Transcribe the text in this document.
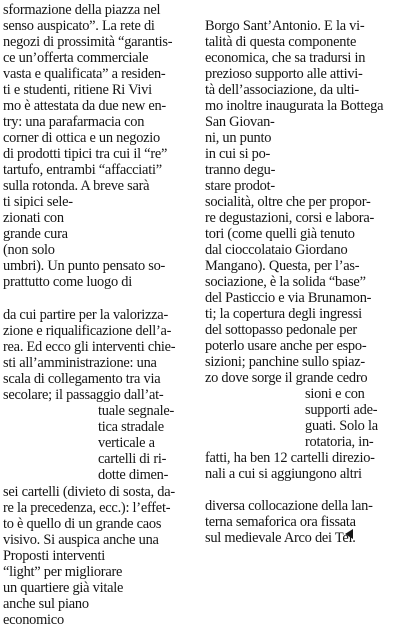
sformazione della piazza nel

senso auspicato”. La rete di

negozi di prossimità “garantis-

ce un’offerta commerciale

vasta e qualificata” a residen-

ti e studenti, ritiene Ri Vivi

mo è attestata da due new en-

try: una parafarmacia con

corner di ottica e un negozio

di prodotti tipici tra cui il “re”

tartufo, entrambi “affacciati”

sulla rotonda. A breve sarà

ti sipici sele-

zionati con

grande cura

(non solo

umbri). Un punto pensato so-

prattutto come luogo di

da cui partire per la valorizza-

zione e riqualificazione dell’a-

rea. Ed ecco gli interventi chie-

sti all’amministrazione: una

scala di collegamento tra via

secolare; il passaggio dall’at-

tuale segnale-

tica stradale

verticale a

cartelli di ri-

dotte dimen-

sei cartelli (divieto di sosta, da-

re la precedenza, ecc.): l’effet-

to è quello di un grande caos

visivo. Si auspica anche una

Proposti interventi

“light” per migliorare

un quartiere già vitale

anche sul piano

economico

Borgo Sant’Antonio. E la vi-

talità di questa componente

economica, che sa tradursi in

prezioso supporto alle attivi-

tà dell’associazione, da ulti-

mo inoltre inaugurata la Bottega

San Giovan-

ni, un punto

in cui si po-

tranno degu-

stare prodot-

socialità, oltre che per propor-

re degustazioni, corsi e labora-

tori (come quelli già tenuto

dal cioccolataio Giordano

Mangano). Questa, per l’as-

sociazione, è la solida “base”

del Pasticcio e via Brunamon-

ti; la copertura degli ingressi

del sottopasso pedonale per

poterlo usare anche per espo-

sizioni; panchine sullo spiaz-

zo dove sorge il grande cedro

sioni e con

supporti ade-

guati. Solo la

rotatoria, in-

fatti, ha ben 12 cartelli direzio-

nali a cui si aggiungono altri

diversa collocazione della lan-

terna semaforica ora fissata

sul medievale Arco dei Tei.
